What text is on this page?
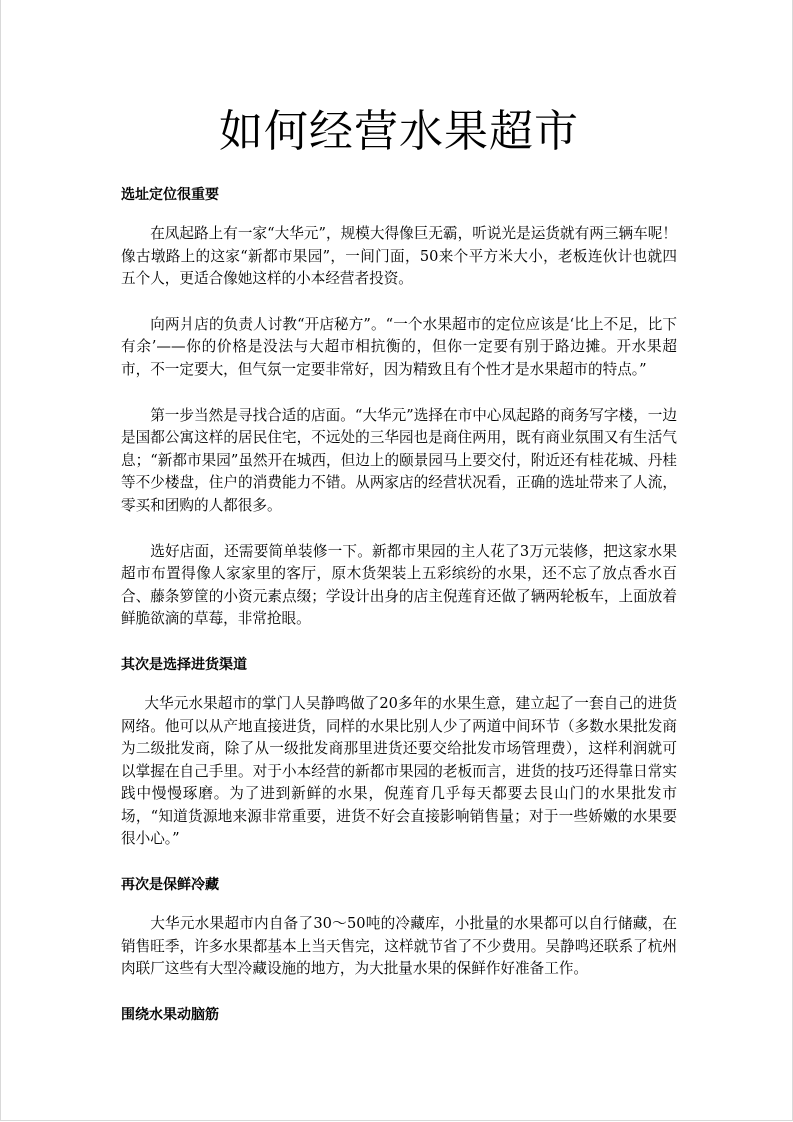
如何经营水果超市
选址定位很重要

在凤起路上有一家“大华元”，规模大得像巨无霸，听说光是运货就有两三辆车呢！像古墩路上的这家“新都市果园”，一间门面，50来个平方米大小，老板连伙计也就四五个人，更适合像她这样的小本经营者投资。

向两爿店的负责人讨教“开店秘方”。“一个水果超市的定位应该是‘比上不足，比下有余’——你的价格是没法与大超市相抗衡的，但你一定要有别于路边摊。开水果超市，不一定要大，但气氛一定要非常好，因为精致且有个性才是水果超市的特点。”

第一步当然是寻找合适的店面。“大华元”选择在市中心凤起路的商务写字楼，一边是国都公寓这样的居民住宅，不远处的三华园也是商住两用，既有商业氛围又有生活气息；“新都市果园”虽然开在城西，但边上的颐景园马上要交付，附近还有桂花城、丹桂等不少楼盘，住户的消费能力不错。从两家店的经营状况看，正确的选址带来了人流，零买和团购的人都很多。

选好店面，还需要简单装修一下。新都市果园的主人花了3万元装修，把这家水果超市布置得像人家家里的客厅，原木货架装上五彩缤纷的水果，还不忘了放点香水百合、藤条箩筐的小资元素点缀；学设计出身的店主倪莲育还做了辆两轮板车，上面放着鲜脆欲滴的草莓，非常抢眼。

其次是选择进货渠道

大华元水果超市的掌门人吴静鸣做了20多年的水果生意，建立起了一套自己的进货网络。他可以从产地直接进货，同样的水果比别人少了两道中间环节（多数水果批发商为二级批发商，除了从一级批发商那里进货还要交给批发市场管理费），这样利润就可以掌握在自己手里。对于小本经营的新都市果园的老板而言，进货的技巧还得靠日常实践中慢慢琢磨。为了进到新鲜的水果，倪莲育几乎每天都要去艮山门的水果批发市场，“知道货源地来源非常重要，进货不好会直接影响销售量；对于一些娇嫩的水果要很小心。”

再次是保鲜冷藏

大华元水果超市内自备了30～50吨的冷藏库，小批量的水果都可以自行储藏，在销售旺季，许多水果都基本上当天售完，这样就节省了不少费用。吴静鸣还联系了杭州肉联厂这些有大型冷藏设施的地方，为大批量水果的保鲜作好准备工作。

围绕水果动脑筋
